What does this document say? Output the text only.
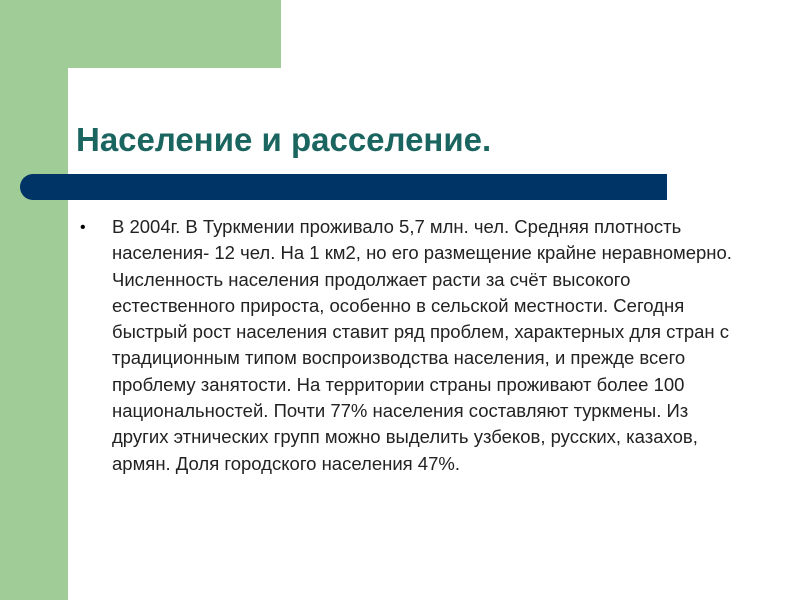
Население и расселение.
• В 2004г. В Туркмении проживало 5,7 млн. чел. Средняя плотность населения- 12 чел. На 1 км2, но его размещение крайне неравномерно. Численность населения продолжает расти за счёт высокого естественного прироста, особенно в сельской местности. Сегодня быстрый рост населения ставит ряд проблем, характерных для стран с традиционным типом воспроизводства населения, и прежде всего проблему занятости. На территории страны проживают более 100 национальностей. Почти 77% населения составляют туркмены. Из других этнических групп можно выделить узбеков, русских, казахов, армян. Доля городского населения 47%.
